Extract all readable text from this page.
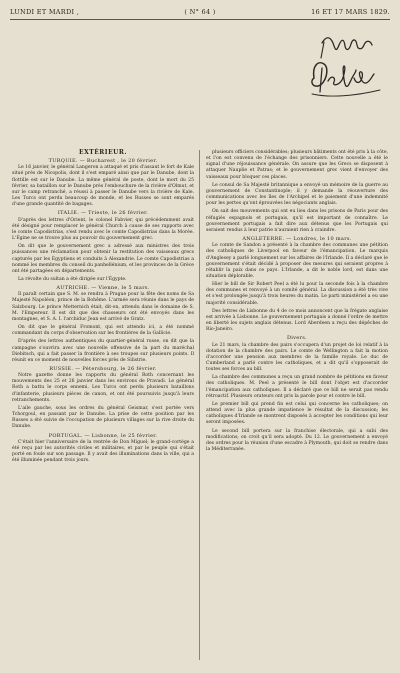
LUNDI ET MARDI ,	( N° 64 )	16 ET 17 MARS 1829.
EXTÉRIEUR.
TURQUIE. — Bucharest , le 20 février.

Le 16 janvier, le général Langeron a attaqué et pris d'assaut le fort de Kale situé près de Nicopolis, dont il s'est emparé ainsi que par le Danube, dont la flottille est sur le Danube. La même général de poste, dont le mort du 25 février, sa bataillon sur le Danube près l'embouchure de la rivière d'Olmut, et sur le camp retranché, a réussi à passer le Danube vers la rivière de Kale. Les Turcs ont perdu beaucoup de monde, et les Russes se sont emparés d'une grande quantité de bagages.

ITALIE. — Trieste, le 26 février.

D'après des lettres d'Orient, le colonel Fabvier, qui précédemment avait été désigné pour remplacer le général Church à cause de ses rapports avec le comte Capodistrias, s'est rendu avec le comte Capodistrias dans la Morée. L'Égine ne se trouve plus au pouvoir du gouvernement grec.

On dit que le gouvernement grec a adressé aux ministres des trois puissances une réclamation pour obtenir la restitution des vaisseaux grecs capturés par les Égyptiens et conduits à Alexandrie. Le comte Capodistrias a nommé les membres du conseil du panhellénium, et les provinces de la Grèce ont été partagées en départements.

La révolte du sultan a été dirigée sur l'Égypte.

AUTRICHE. — Vienne, le 5 mars.

Il paraît certain que S. M. se rendra à Prague pour la fête des noms de Sa Majesté Napoléon, prince de la Bohême. L'armée sera réunie dans le pays de Salzbourg. Le prince Metternich était, dit-on, attendu dans le domaine de S. M. l'Empereur. Il est dit que des chasseurs ont été envoyés dans les montagnes, et S. A. I. l'archiduc Jean est arrivé de Gratz.

On dit que le général Fromont, qui est attendu ici, a été nommé commandant du corps d'observation sur les frontières de la Gallicie.

D'après des lettres authentiques du quartier-général russe, on dit que la campagne s'ouvrira avec une nouvelle offensive de la part du maréchal Diebitsch, qui a fait passer la frontière à ses troupes sur plusieurs points. Il réunit en ce moment de nouvelles forces près de Silistrie.

RUSSIE. — Pétersbourg, le 26 février.

Notre gazette donne les rapports du général Roth concernant les mouvements des 25 et 26 janvier dans les environs de Pravadi. Le général Roth a battu le corps ennemi. Les Turcs ont perdu plusieurs bataillons d'infanterie, plusieurs pièces de canon, et ont été poursuivis jusqu'à leurs retranchements.

L'aile gauche, sous les ordres du général Geismar, s'est portée vers Tchorgoul, en passant par le Danube. La prise de cette position par les Russes a été suivie de l'occupation de plusieurs villages sur la rive droite du Danube.

PORTUGAL. — Lisbonne, le 25 février.

C'était hier l'anniversaire de la rentrée de Don Miguel; le grand-cortège a été reçu par les autorités civiles et militaires, et par le peuple qui s'était porté en foule sur son passage. Il y avait des illuminations dans la ville, qui a été illuminée pendant trois jours.

plusieurs officiers considérables; plusieurs bâtiments ont été pris à la côte, et l'on est convenu de l'échange des prisonniers. Cette nouvelle a été le signal d'une réjouissance générale. On assure que les Grecs se disposent à attaquer Nauplie et Patras; et le gouvernement grec vient d'envoyer des vaisseaux pour bloquer ces places.

Le consul de Sa Majesté britannique a envoyé un mémoire de la guerre au gouvernement de Constantinople; il y demande la réouverture des communications avec les îles de l'Archipel et le paiement d'une indemnité pour les pertes qu'ont éprouvées les négociants anglais.

On sait des mouvements qui ont eu lieu dans les prisons de Paris pour des réfugiés espagnols et portugais, qu'il est important de connaître. Le gouvernement portugais a fait dire aux détenus que les Portugais qui seraient rendus à leur patrie n'auraient rien à craindre.

ANGLETERRE. — Londres, le 10 mars.

Le comte de Sandon a présenté à la chambre des communes une pétition des catholiques de Liverpool en faveur de l'émancipation. Le marquis d'Anglesey a parlé longuement sur les affaires de l'Irlande. Il a déclaré que le gouvernement s'était décidé à proposer des mesures qui seraient propres à rétablir la paix dans ce pays. L'Irlande, a dit le noble lord, est dans une situation déplorable.

Hier le bill de Sir Robert Peel a été lu pour la seconde fois à la chambre des communes et renvoyé à un comité général. La discussion a été très vive et s'est prolongée jusqu'à trois heures du matin. Le parti ministériel a eu une majorité considérable.

Des lettres de Lisbonne du 4 de ce mois annoncent que la frégate anglaise est arrivée à Lisbonne. Le gouvernement portugais a donné l'ordre de mettre en liberté les sujets anglais détenus. Lord Aberdeen a reçu des dépêches de Rio-Janeiro.

Divers.

Le 21 mars, la chambre des pairs s'occupera d'un projet de loi relatif à la dotation de la chambre des pairs. Le comte de Wellington a fait la motion d'accorder une pension aux membres de la famille royale. Le duc de Cumberland a parlé contre les catholiques, et a dit qu'il s'opposerait de toutes ses forces au bill.

La chambre des communes a reçu un grand nombre de pétitions en faveur des catholiques. M. Peel a présenté le bill dont l'objet est d'accorder l'émancipation aux catholiques. Il a déclaré que ce bill ne serait pas rendu rétroactif. Plusieurs orateurs ont pris la parole pour et contre le bill.

Le premier bill qui prend fin est celui qui concerne les catholiques; on attend avec la plus grande impatience le résultat de la discussion; les catholiques d'Irlande se montrent disposés à accepter les conditions qui leur seront imposées.

Le second bill portera sur la franchise électorale, qui a subi des modifications; on croit qu'il sera adopté. Du 12. Le gouvernement a envoyé des ordres pour la réunion d'une escadre à Plymouth, qui doit se rendre dans la Méditerranée.
